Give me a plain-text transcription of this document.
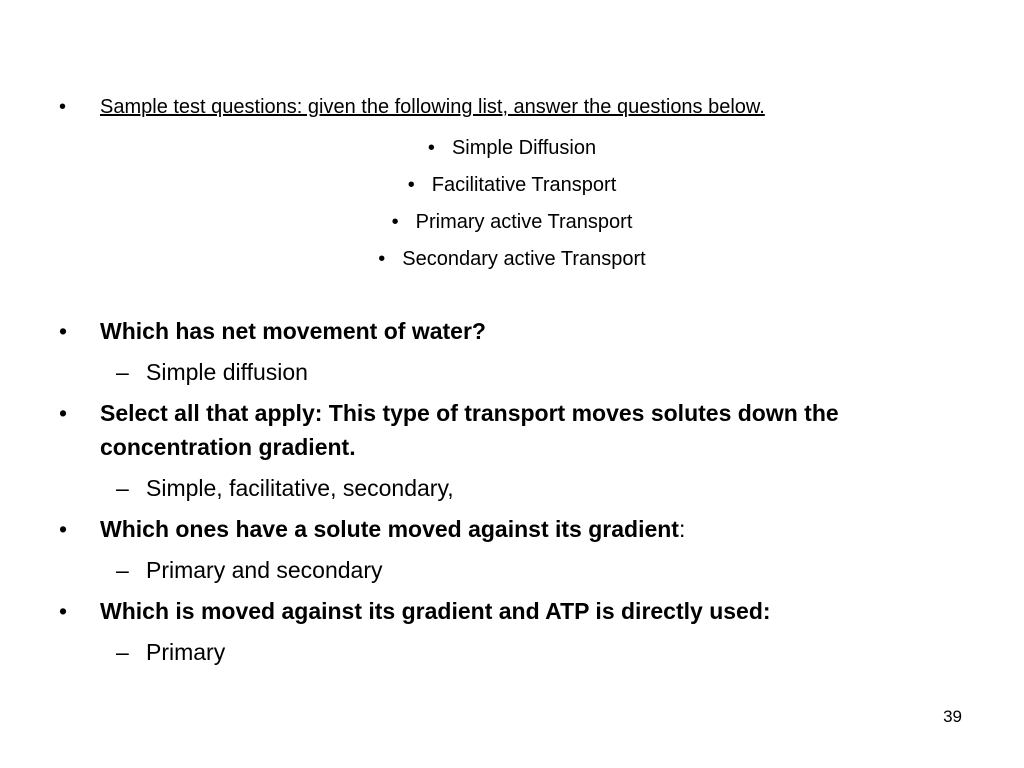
• Sample test questions: given the following list, answer the questions below.
• Simple Diffusion
• Facilitative Transport
• Primary active Transport
• Secondary active Transport
• Which has net movement of water?
– Simple diffusion
• Select all that apply: This type of transport moves solutes down the concentration gradient.
– Simple, facilitative, secondary,
• Which ones have a solute moved against its gradient:
– Primary and secondary
• Which is moved against its gradient and ATP is directly used:
– Primary
39
